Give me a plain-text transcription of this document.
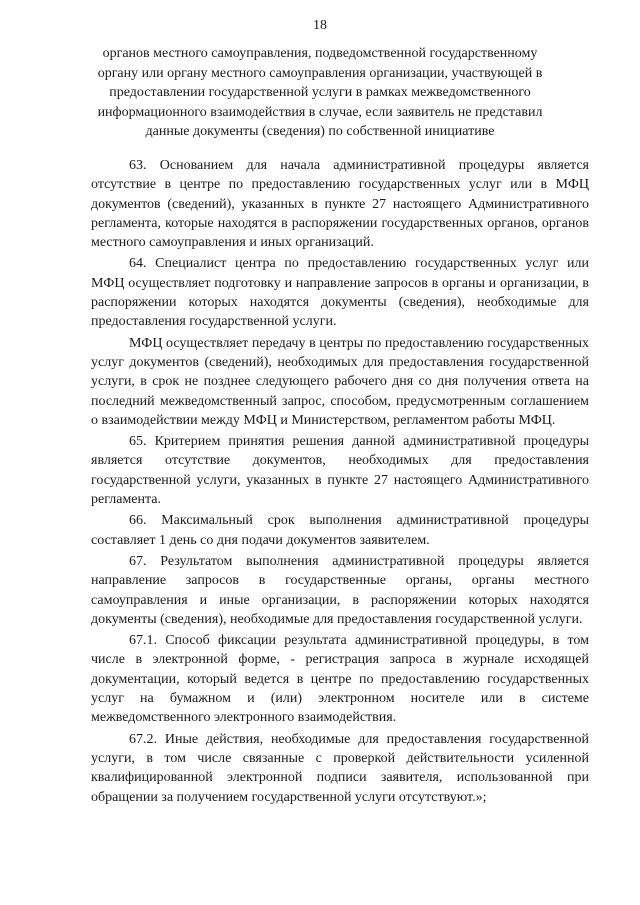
18
органов местного самоуправления, подведомственной государственному
органу или органу местного самоуправления организации, участвующей в
предоставлении государственной услуги в рамках межведомственного
информационного взаимодействия в случае, если заявитель не представил
данные документы (сведения) по собственной инициативе

63. Основанием для начала административной процедуры является отсутствие в центре по предоставлению государственных услуг или в МФЦ документов (сведений), указанных в пункте 27 настоящего Административного регламента, которые находятся в распоряжении государственных органов, органов местного самоуправления и иных организаций.

64. Специалист центра по предоставлению государственных услуг или МФЦ осуществляет подготовку и направление запросов в органы и организации, в распоряжении которых находятся документы (сведения), необходимые для предоставления государственной услуги.

МФЦ осуществляет передачу в центры по предоставлению государственных услуг документов (сведений), необходимых для предоставления государственной услуги, в срок не позднее следующего рабочего дня со дня получения ответа на последний межведомственный запрос, способом, предусмотренным соглашением о взаимодействии между МФЦ и Министерством, регламентом работы МФЦ.

65. Критерием принятия решения данной административной процедуры является отсутствие документов, необходимых для предоставления государственной услуги, указанных в пункте 27 настоящего Административного регламента.

66. Максимальный срок выполнения административной процедуры составляет 1 день со дня подачи документов заявителем.

67. Результатом выполнения административной процедуры является направление запросов в государственные органы, органы местного самоуправления и иные организации, в распоряжении которых находятся документы (сведения), необходимые для предоставления государственной услуги.

67.1. Способ фиксации результата административной процедуры, в том числе в электронной форме, - регистрация запроса в журнале исходящей документации, который ведется в центре по предоставлению государственных услуг на бумажном и (или) электронном носителе или в системе межведомственного электронного взаимодействия.

67.2. Иные действия, необходимые для предоставления государственной услуги, в том числе связанные с проверкой действительности усиленной квалифицированной электронной подписи заявителя, использованной при обращении за получением государственной услуги отсутствуют.»;
